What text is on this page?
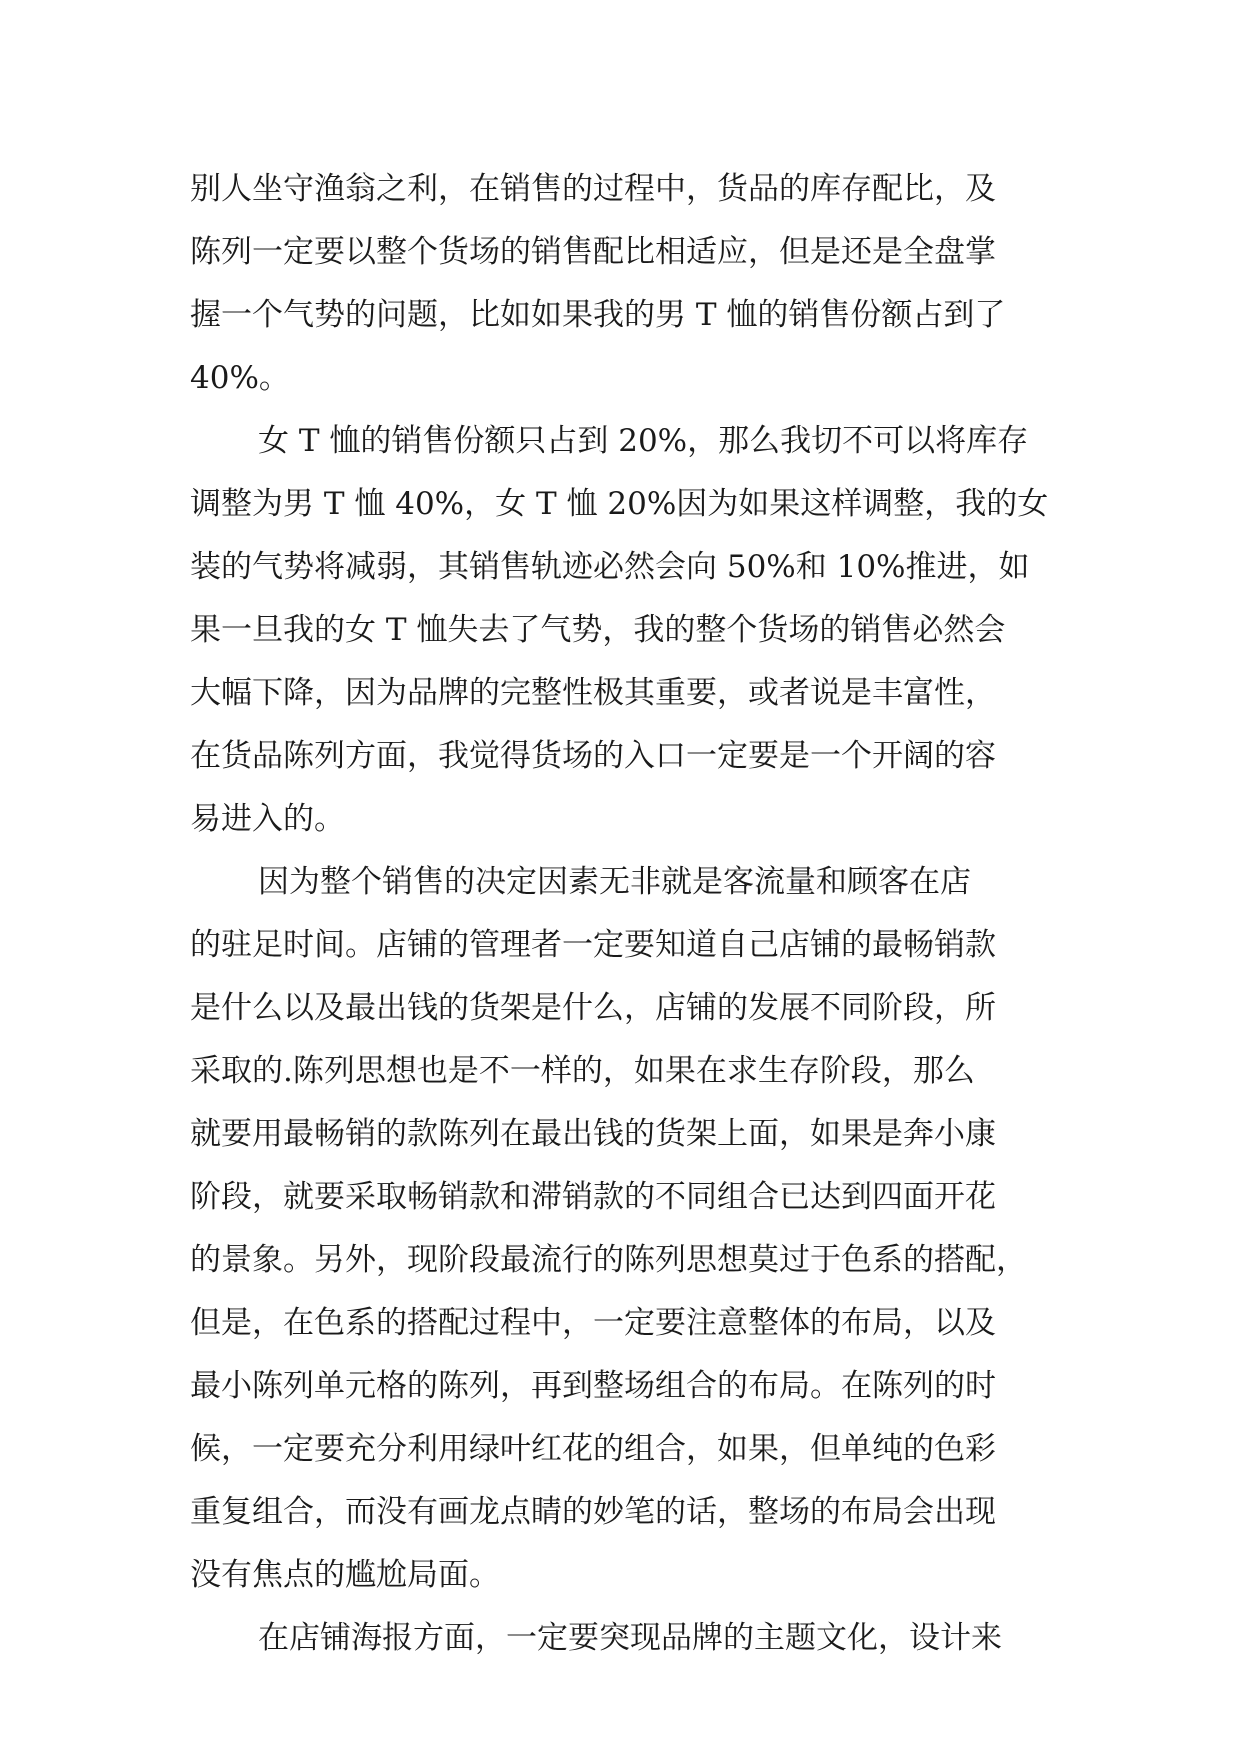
别人坐守渔翁之利，在销售的过程中，货品的库存配比，及
陈列一定要以整个货场的销售配比相适应，但是还是全盘掌
握一个气势的问题，比如如果我的男 T 恤的销售份额占到了
40%。
女 T 恤的销售份额只占到 20%，那么我切不可以将库存
调整为男 T 恤 40%，女 T 恤 20%因为如果这样调整，我的女
装的气势将减弱，其销售轨迹必然会向 50%和 10%推进，如
果一旦我的女 T 恤失去了气势，我的整个货场的销售必然会
大幅下降，因为品牌的完整性极其重要，或者说是丰富性，
在货品陈列方面，我觉得货场的入口一定要是一个开阔的容
易进入的。
因为整个销售的决定因素无非就是客流量和顾客在店
的驻足时间。店铺的管理者一定要知道自己店铺的最畅销款
是什么以及最出钱的货架是什么，店铺的发展不同阶段，所
采取的.陈列思想也是不一样的，如果在求生存阶段，那么
就要用最畅销的款陈列在最出钱的货架上面，如果是奔小康
阶段，就要采取畅销款和滞销款的不同组合已达到四面开花
的景象。另外，现阶段最流行的陈列思想莫过于色系的搭配，
但是，在色系的搭配过程中，一定要注意整体的布局，以及
最小陈列单元格的陈列，再到整场组合的布局。在陈列的时
候，一定要充分利用绿叶红花的组合，如果，但单纯的色彩
重复组合，而没有画龙点睛的妙笔的话，整场的布局会出现
没有焦点的尴尬局面。
在店铺海报方面，一定要突现品牌的主题文化，设计来
